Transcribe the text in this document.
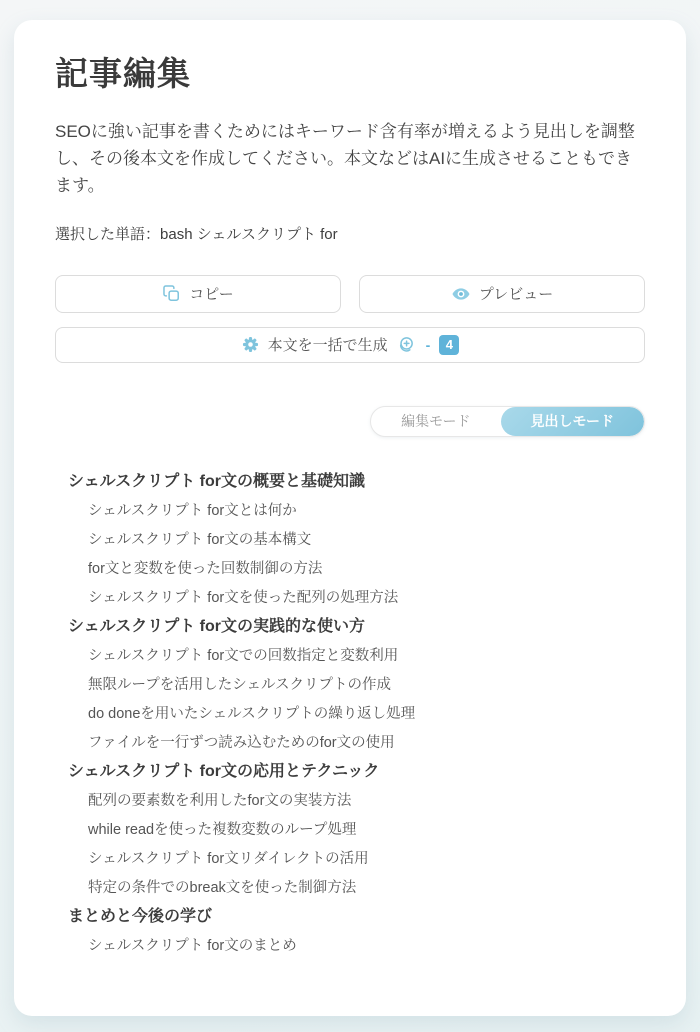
記事編集

SEOに強い記事を書くためにはキーワード含有率が増えるよう見出しを調整し、その後本文を作成してください。本文などはAIに生成させることもできます。

選択した単語：bash シェルスクリプト for

コピー	プレビュー
本文を一括で生成	-	4
編集モード	見出しモード
シェルスクリプト for文の概要と基礎知識
シェルスクリプト for文とは何か
シェルスクリプト for文の基本構文
for文と変数を使った回数制御の方法
シェルスクリプト for文を使った配列の処理方法
シェルスクリプト for文の実践的な使い方
シェルスクリプト for文での回数指定と変数利用
無限ループを活用したシェルスクリプトの作成
do doneを用いたシェルスクリプトの繰り返し処理
ファイルを一行ずつ読み込むためのfor文の使用
シェルスクリプト for文の応用とテクニック
配列の要素数を利用したfor文の実装方法
while readを使った複数変数のループ処理
シェルスクリプト for文リダイレクトの活用
特定の条件でのbreak文を使った制御方法
まとめと今後の学び
シェルスクリプト for文のまとめ
